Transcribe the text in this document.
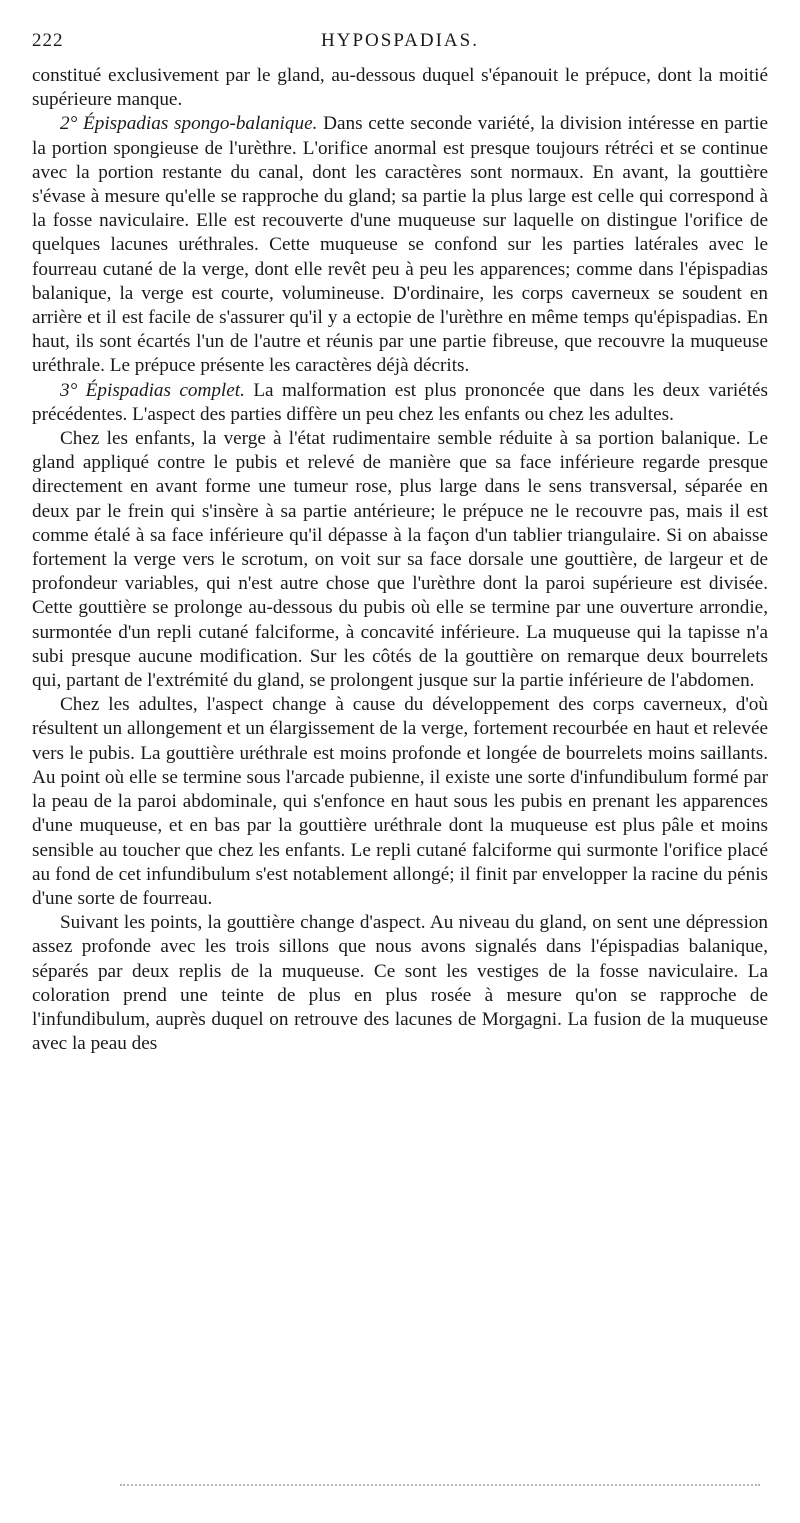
222	HYPOSPADIAS.

constitué exclusivement par le gland, au-dessous duquel s'épanouit le prépuce, dont la moitié supérieure manque.

2° Épispadias spongo-balanique. Dans cette seconde variété, la division intéresse en partie la portion spongieuse de l'urèthre. L'orifice anormal est presque toujours rétréci et se continue avec la portion restante du canal, dont les caractères sont normaux. En avant, la gouttière s'évase à mesure qu'elle se rapproche du gland; sa partie la plus large est celle qui correspond à la fosse naviculaire. Elle est recouverte d'une muqueuse sur laquelle on distingue l'orifice de quelques lacunes uréthrales. Cette muqueuse se confond sur les parties latérales avec le fourreau cutané de la verge, dont elle revêt peu à peu les apparences; comme dans l'épispadias balanique, la verge est courte, volumineuse. D'ordinaire, les corps caverneux se soudent en arrière et il est facile de s'assurer qu'il y a ectopie de l'urèthre en même temps qu'épispadias. En haut, ils sont écartés l'un de l'autre et réunis par une partie fibreuse, que recouvre la muqueuse uréthrale. Le prépuce présente les caractères déjà décrits.

3° Épispadias complet. La malformation est plus prononcée que dans les deux variétés précédentes. L'aspect des parties diffère un peu chez les enfants ou chez les adultes.

Chez les enfants, la verge à l'état rudimentaire semble réduite à sa portion balanique. Le gland appliqué contre le pubis et relevé de manière que sa face inférieure regarde presque directement en avant forme une tumeur rose, plus large dans le sens transversal, séparée en deux par le frein qui s'insère à sa partie antérieure; le prépuce ne le recouvre pas, mais il est comme étalé à sa face inférieure qu'il dépasse à la façon d'un tablier triangulaire. Si on abaisse fortement la verge vers le scrotum, on voit sur sa face dorsale une gouttière, de largeur et de profondeur variables, qui n'est autre chose que l'urèthre dont la paroi supérieure est divisée. Cette gouttière se prolonge au-dessous du pubis où elle se termine par une ouverture arrondie, surmontée d'un repli cutané falciforme, à concavité inférieure. La muqueuse qui la tapisse n'a subi presque aucune modification. Sur les côtés de la gouttière on remarque deux bourrelets qui, partant de l'extrémité du gland, se prolongent jusque sur la partie inférieure de l'abdomen.

Chez les adultes, l'aspect change à cause du développement des corps caverneux, d'où résultent un allongement et un élargissement de la verge, fortement recourbée en haut et relevée vers le pubis. La gouttière uréthrale est moins profonde et longée de bourrelets moins saillants. Au point où elle se termine sous l'arcade pubienne, il existe une sorte d'infundibulum formé par la peau de la paroi abdominale, qui s'enfonce en haut sous les pubis en prenant les apparences d'une muqueuse, et en bas par la gouttière uréthrale dont la muqueuse est plus pâle et moins sensible au toucher que chez les enfants. Le repli cutané falciforme qui surmonte l'orifice placé au fond de cet infundibulum s'est notablement allongé; il finit par envelopper la racine du pénis d'une sorte de fourreau.

Suivant les points, la gouttière change d'aspect. Au niveau du gland, on sent une dépression assez profonde avec les trois sillons que nous avons signalés dans l'épispadias balanique, séparés par deux replis de la muqueuse. Ce sont les vestiges de la fosse naviculaire. La coloration prend une teinte de plus en plus rosée à mesure qu'on se rapproche de l'infundibulum, auprès duquel on retrouve des lacunes de Morgagni. La fusion de la muqueuse avec la peau des
